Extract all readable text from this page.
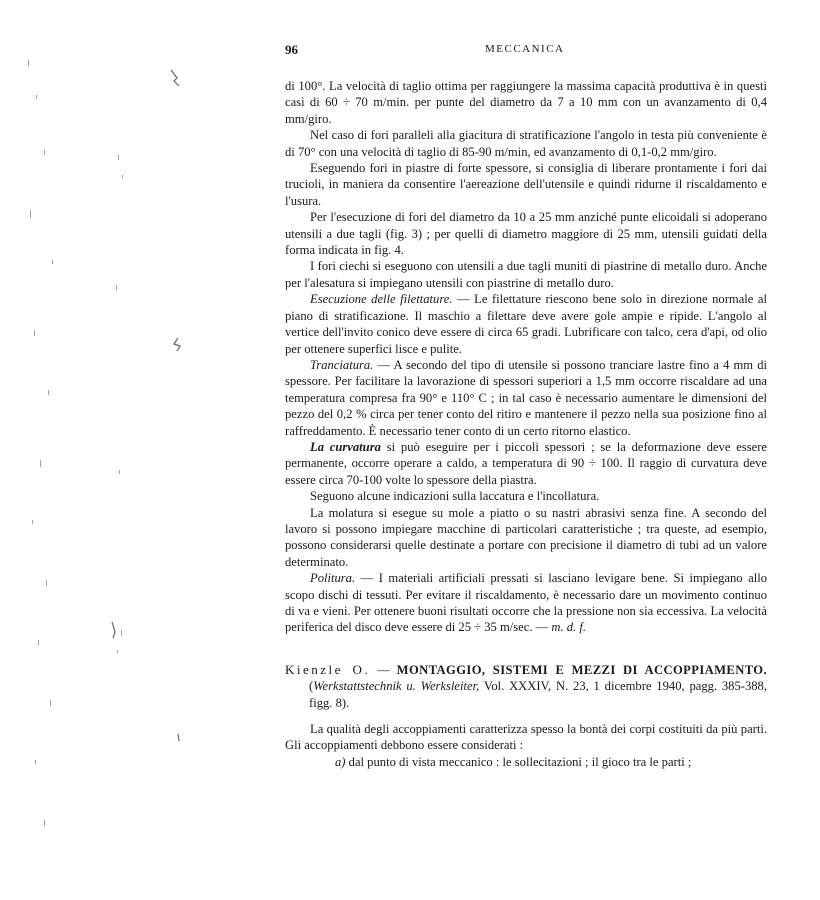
96	MECCANICA

di 100°. La velocità di taglio ottima per raggiungere la massima capacità produttiva è in questi casi di 60 ÷ 70 m/min. per punte del diametro da 7 a 10 mm con un avanzamento di 0,4 mm/giro.

Nel caso di fori paralleli alla giacitura di stratificazione l'angolo in testa più conveniente è di 70° con una velocità di taglio di 85-90 m/min, ed avanzamento di 0,1-0,2 mm/giro.

Eseguendo fori in piastre di forte spessore, si consiglia di liberare prontamente i fori dai trucioli, in maniera da consentire l'aereazione dell'utensile e quindi ridurne il riscaldamento e l'usura.

Per l'esecuzione di fori del diametro da 10 a 25 mm anziché punte elicoidali si adoperano utensili a due tagli (fig. 3) ; per quelli di diametro maggiore di 25 mm, utensili guidati della forma indicata in fig. 4.

I fori ciechi si eseguono con utensili a due tagli muniti di piastrine di metallo duro. Anche per l'alesatura si impiegano utensili con piastrine di metallo duro.

Esecuzione delle filettature. — Le filettature riescono bene solo in direzione normale al piano di stratificazione. Il maschio a filettare deve avere gole ampie e ripide. L'angolo al vertice dell'invito conico deve essere di circa 65 gradi. Lubrificare con talco, cera d'api, od olio per ottenere superfici lisce e pulite.

Tranciatura. — A secondo del tipo di utensile si possono tranciare lastre fino a 4 mm di spessore. Per facilitare la lavorazione di spessori superiori a 1,5 mm occorre riscaldare ad una temperatura compresa fra 90° e 110° C ; in tal caso è necessario aumentare le dimensioni del pezzo del 0,2 % circa per tener conto del ritiro e mantenere il pezzo nella sua posizione fino al raffreddamento. È necessario tener conto di un certo ritorno elastico.

La curvatura si può eseguire per i piccoli spessori ; se la deformazione deve essere permanente, occorre operare a caldo, a temperatura di 90 ÷ 100. Il raggio di curvatura deve essere circa 70-100 volte lo spessore della piastra.

Seguono alcune indicazioni sulla laccatura e l'incollatura.

La molatura si esegue su mole a piatto o su nastri abrasivi senza fine. A secondo del lavoro si possono impiegare macchine di particolari caratteristiche ; tra queste, ad esempio, possono considerarsi quelle destinate a portare con precisione il diametro di tubi ad un valore determinato.

Politura. — I materiali artificiali pressati si lasciano levigare bene. Si impiegano allo scopo dischi di tessuti. Per evitare il riscaldamento, è necessario dare un movimento continuo di va e vieni. Per ottenere buoni risultati occorre che la pressione non sia eccessiva. La velocità periferica del disco deve essere di 25 ÷ 35 m/sec. — m. d. f.

Kienzle O. — MONTAGGIO, SISTEMI E MEZZI DI ACCOPPIAMENTO. (Werkstattstechnik u. Werksleiter, Vol. XXXIV, N. 23, 1 dicembre 1940, pagg. 385-388, figg. 8).

La qualità degli accoppiamenti caratterizza spesso la bontà dei corpi costituiti da più parti. Gli accoppiamenti debbono essere considerati :

a) dal punto di vista meccanico : le sollecitazioni ; il gioco tra le parti ;
